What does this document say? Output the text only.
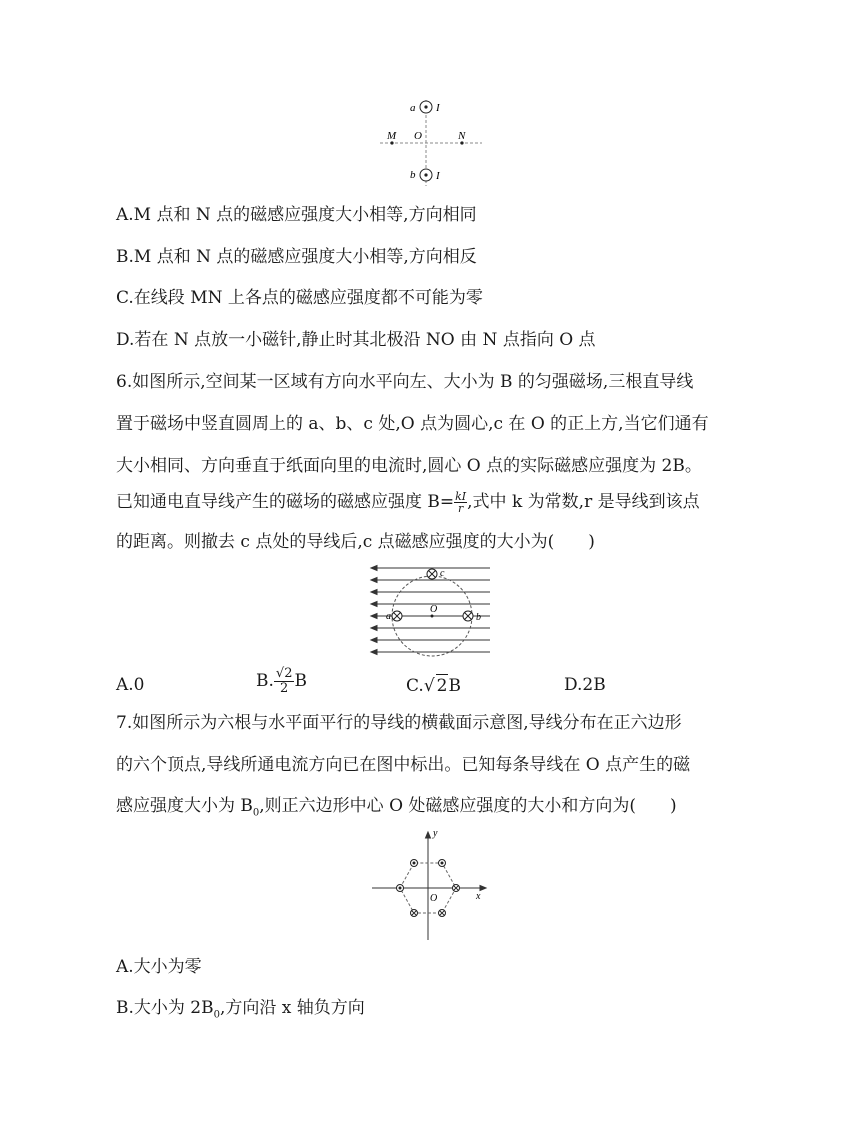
a I
M O	N
b I
A.M 点和 N 点的磁感应强度大小相等,方向相同
B.M 点和 N 点的磁感应强度大小相等,方向相反
C.在线段 MN 上各点的磁感应强度都不可能为零
D.若在 N 点放一小磁针,静止时其北极沿 NO 由 N 点指向 O 点
6.如图所示,空间某一区域有方向水平向左、大小为 B 的匀强磁场,三根直导线
置于磁场中竖直圆周上的 a、b、c 处,O 点为圆心,c 在 O 的正上方,当它们通有
大小相同、方向垂直于纸面向里的电流时,圆心 O 点的实际磁感应强度为 2B。
已知通电直导线产生的磁场的磁感应强度 $B= \frac{kI}{r}$ ,式中 k 为常数,r 是导线到该点
的距离。则撤去 c 点处的导线后,c 点磁感应强度的大小为(　　)
c
O
a	b
A.0	B. $\frac{√2}{2}$ B	C.√ 2B	D.2B
7.如图所示为六根与水平面平行的导线的横截面示意图,导线分布在正六边形
的六个顶点,导线所通电流方向已在图中标出。已知每条导线在 O 点产生的磁
感应强度大小为 $B_0$,则正六边形中心 O 处磁感应强度的大小和方向为(　　)
y
x
O
A.大小为零
B.大小为 $2B_0$,方向沿 x 轴负方向
